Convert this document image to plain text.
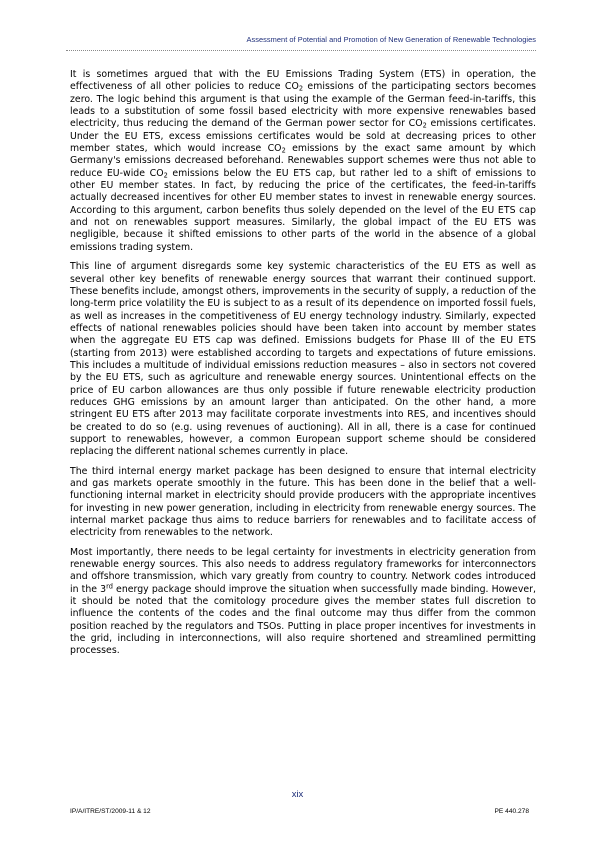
Assessment of Potential and Promotion of New Generation of Renewable Technologies

It is sometimes argued that with the EU Emissions Trading System (ETS) in operation, the effectiveness of all other policies to reduce $CO_2$ emissions of the participating sectors becomes zero. The logic behind this argument is that using the example of the German feed-in-tariffs, this leads to a substitution of some fossil based electricity with more expensive renewables based electricity, thus reducing the demand of the German power sector for $CO_2$ emissions certificates. Under the EU ETS, excess emissions certificates would be sold at decreasing prices to other member states, which would increase $CO_2$ emissions by the exact same amount by which Germany's emissions decreased beforehand. Renewables support schemes were thus not able to reduce EU-wide $CO_2$ emissions below the EU ETS cap, but rather led to a shift of emissions to other EU member states. In fact, by reducing the price of the certificates, the feed-in-tariffs actually decreased incentives for other EU member states to invest in renewable energy sources. According to this argument, carbon benefits thus solely depended on the level of the EU ETS cap and not on renewables support measures. Similarly, the global impact of the EU ETS was negligible, because it shifted emissions to other parts of the world in the absence of a global emissions trading system.

This line of argument disregards some key systemic characteristics of the EU ETS as well as several other key benefits of renewable energy sources that warrant their continued support. These benefits include, amongst others, improvements in the security of supply, a reduction of the long-term price volatility the EU is subject to as a result of its dependence on imported fossil fuels, as well as increases in the competitiveness of EU energy technology industry. Similarly, expected effects of national renewables policies should have been taken into account by member states when the aggregate EU ETS cap was defined. Emissions budgets for Phase III of the EU ETS (starting from 2013) were established according to targets and expectations of future emissions. This includes a multitude of individual emissions reduction measures – also in sectors not covered by the EU ETS, such as agriculture and renewable energy sources. Unintentional effects on the price of EU carbon allowances are thus only possible if future renewable electricity production reduces GHG emissions by an amount larger than anticipated. On the other hand, a more stringent EU ETS after 2013 may facilitate corporate investments into RES, and incentives should be created to do so (e.g. using revenues of auctioning). All in all, there is a case for continued support to renewables, however, a common European support scheme should be considered replacing the different national schemes currently in place.

The third internal energy market package has been designed to ensure that internal electricity and gas markets operate smoothly in the future. This has been done in the belief that a well-functioning internal market in electricity should provide producers with the appropriate incentives for investing in new power generation, including in electricity from renewable energy sources. The internal market package thus aims to reduce barriers for renewables and to facilitate access of electricity from renewables to the network.

Most importantly, there needs to be legal certainty for investments in electricity generation from renewable energy sources. This also needs to address regulatory frameworks for interconnectors and offshore transmission, which vary greatly from country to country. Network codes introduced in the 3rd energy package should improve the situation when successfully made binding. However, it should be noted that the comitology procedure gives the member states full discretion to influence the contents of the codes and the final outcome may thus differ from the common position reached by the regulators and TSOs. Putting in place proper incentives for investments in the grid, including in interconnections, will also require shortened and streamlined permitting processes.

xix
IP/A/ITRE/ST/2009-11 & 12	PE 440.278
